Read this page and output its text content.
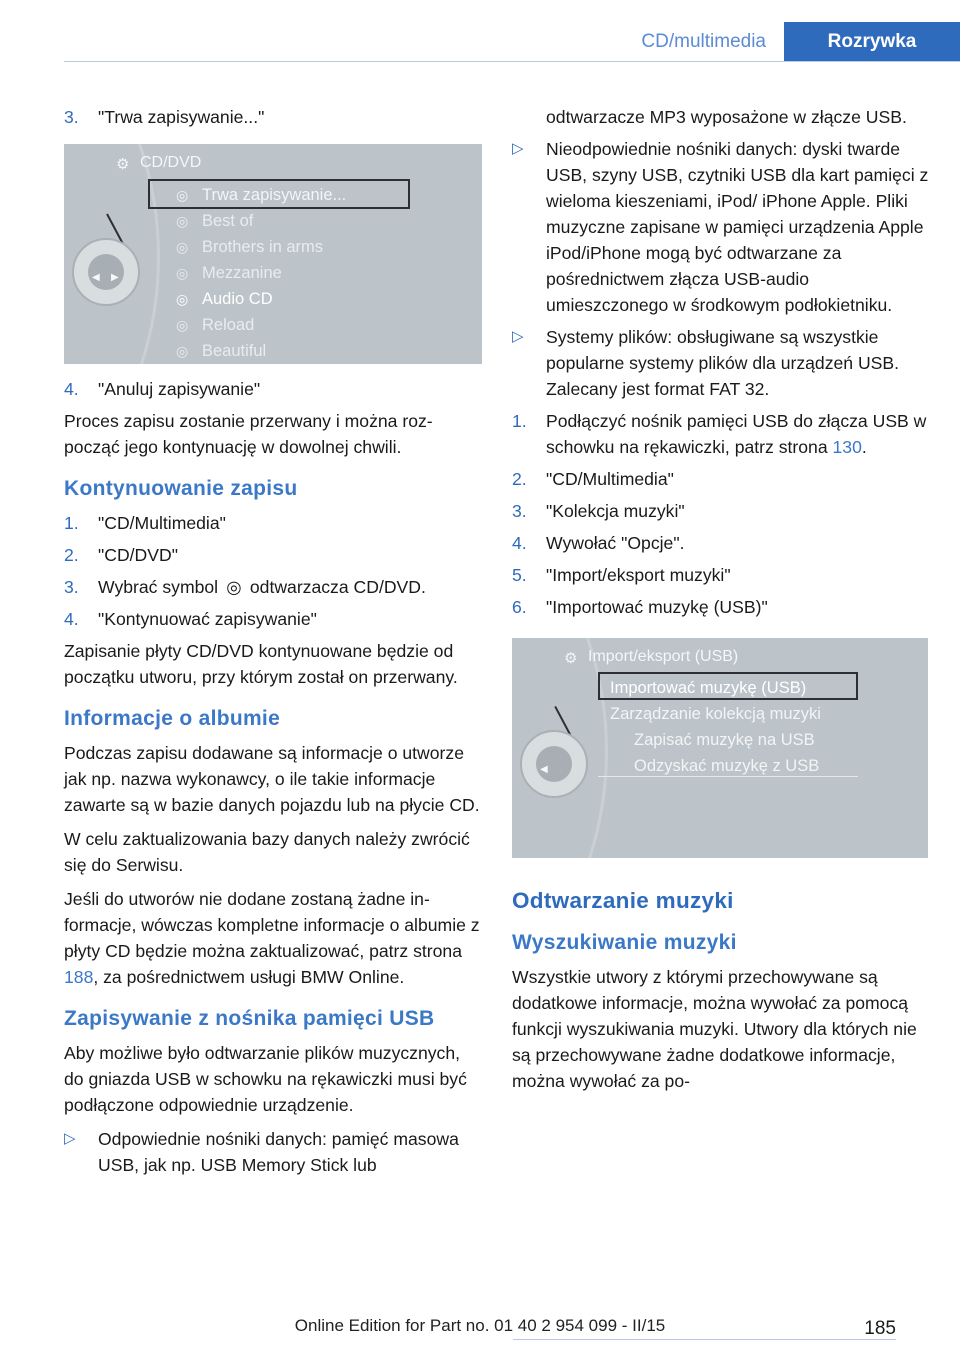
CD/multimedia	Rozrywka
3.	"Trwa zapisywanie..."
⚙ CD/DVD
◎ Trwa zapisywanie...
◎ Best of
◎ Brothers in arms
◎ Mezzanine
◎ Audio CD
◎ Reload
◎ Beautiful
◀ ▶
4.	"Anuluj zapisywanie"

Proces zapisu zostanie przerwany i można rozpocząć jego kontynuację w dowolnej chwili.

Kontynuowanie zapisu
1.	"CD/Multimedia"
2.	"CD/DVD"
3.	Wybrać symbol ◎ odtwarzacza CD/DVD.
4.	"Kontynuować zapisywanie"

Zapisanie płyty CD/DVD kontynuowane będzie od początku utworu, przy którym został on przerwany.

Informacje o albumie

Podczas zapisu dodawane są informacje o utworze jak np. nazwa wykonawcy, o ile takie informacje zawarte są w bazie danych pojazdu lub na płycie CD.

W celu zaktualizowania bazy danych należy zwrócić się do Serwisu.

Jeśli do utworów nie dodane zostaną żadne informacje, wówczas kompletne informacje o albumie z płyty CD będzie można zaktualizować, patrz strona 188, za pośrednictwem usługi BMW Online.

Zapisywanie z nośnika pamięci USB

Aby możliwe było odtwarzanie plików muzycznych, do gniazda USB w schowku na rękawiczki musi być podłączone odpowiednie urządzenie.

▷	Odpowiednie nośniki danych: pamięć masowa USB, jak np. USB Memory Stick lub
odtwarzacze MP3 wyposażone w złącze USB.
▷	Nieodpowiednie nośniki danych: dyski twarde USB, szyny USB, czytniki USB dla kart pamięci z wieloma kieszeniami, iPod/ iPhone Apple. Pliki muzyczne zapisane w pamięci urządzenia Apple iPod/iPhone mogą być odtwarzane za pośrednictwem złącza USB-audio umieszczonego w środkowym podłokietniku.
▷	Systemy plików: obsługiwane są wszystkie popularne systemy plików dla urządzeń USB. Zalecany jest format FAT 32.
1.	Podłączyć nośnik pamięci USB do złącza USB w schowku na rękawiczki, patrz strona 130.
2.	"CD/Multimedia"
3.	"Kolekcja muzyki"
4.	Wywołać "Opcje".
5.	"Import/eksport muzyki"
6.	"Importować muzykę (USB)"
⚙ Import/eksport (USB)
Importować muzykę (USB)
Zarządzanie kolekcją muzyki
Zapisać muzykę na USB
Odzyskać muzykę z USB
◀
Odtwarzanie muzyki
Wyszukiwanie muzyki

Wszystkie utwory z którymi przechowywane są dodatkowe informacje, można wywołać za pomocą funkcji wyszukiwania muzyki. Utwory dla których nie są przechowywane żadne dodatkowe informacje, można wywołać za po-

Online Edition for Part no. 01 40 2 954 099 - II/15	185
